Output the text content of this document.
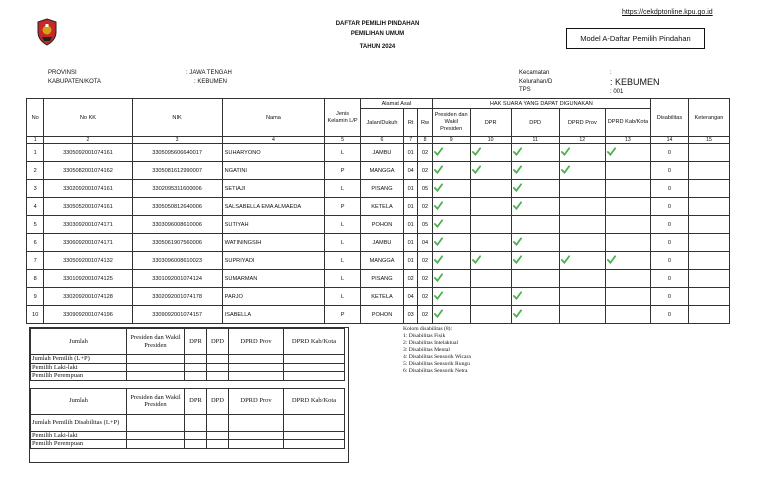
https://cekdptonline.kpu.go.id
DAFTAR PEMILIH PINDAHAN
PEMILIHAN UMUM
TAHUN 2024
Model A-Daftar Pemilih Pindahan
PROVINSI
KABUPATEN/KOTA
: JAWA TENGAH
: KEBUMEN
Kecamatan
Kelurahan/D
TPS
:
: KEBUMEN
: 001
No	No KK	NIK	Nama	Jenis Kelamin L/P	Alamat Asal			HAK SUARA YANG DAPAT DIGUNAKAN					Disabilitas	Keterangan
					Jalan/Dukuh	Rt	Rw	Presiden dan Wakil Presiden	DPR	DPD	DPRD Prov	DPRD Kab/Kota		
1	2	3	4	5	6	7	8	9	10	11	12	13	14	15
1	3305092001074161	3305095606640017	SUHARYONO	L	JAMBU	01	02						0	
2	3305082001074162	3305081612990007	NGATINI	P	MANGGA	04	02						0	
3	3302092001074161	3302095311600006	SETIAJI	L	PISANG	01	05						0	
4	3305052001074161	3305050812640006	SALSABELLA EMA ALMAEDA	P	KETELA	01	02						0	
5	3303092001074171	3303096008610006	SUTIYAH	L	POHON	01	05						0	
6	3306092001074171	3305061907560006	WATININGSIH	L	JAMBU	01	04						0	
7	3305092001074132	3303096008610023	SUPRIYADI	L	MANGGA	01	02						0	
8	3301092001074125	3301092001074124	SUMARMAN	L	PISANG	02	02						0	
9	3302092001074128	3302092001074178	PARJO	L	KETELA	04	02						0	
10	3309092001074196	3309092001074157	ISABELLA	P	POHON	03	02						0	
Jumlah	Presiden dan Wakil Presiden	DPR	DPD	DPRD Prov	DPRD Kab/Kota
Jumlah Pemilih (L+P)					
Pemilih Laki-laki					
Pemilih Perempuan					

Jumlah	Presiden dan Wakil Presiden	DPR	DPD	DPRD Prov	DPRD Kab/Kota
Jumlah Pemilih Disabilitas (L+P)					
Pemilih Laki-laki					
Pemilih Perempuan					
Kolom disabilitas (8):
1: Disabilitas Fisik
2: Disabilitas Intelaktual
3: Disabilitas Mental
4: Disabilitas Sensorik Wicara
5: Disabilitas Sensorik Rungu
6: Disabilitas Sensorik Netra
